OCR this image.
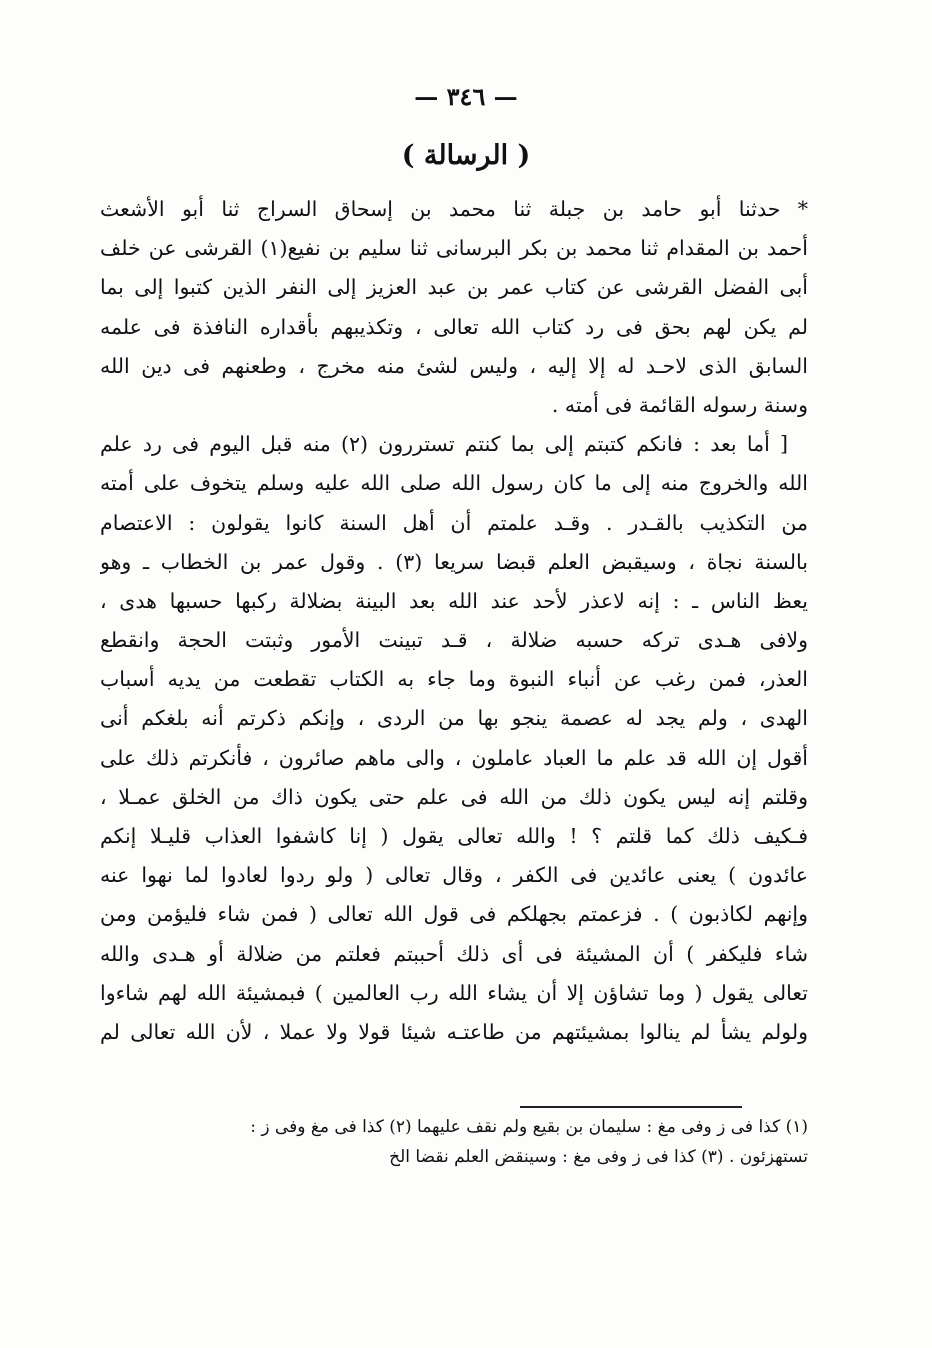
— ٣٤٦ —
( الرسالة )
* حدثنا أبو حامد بن جبلة ثنا محمد بن إسحاق السراج ثنا أبو الأشعث
أحمد بن المقدام ثنا محمد بن بكر البرسانى ثنا سليم بن نفيع(١) القرشى عن خلف
أبى الفضل القرشى عن كتاب عمر بن عبد العزيز إلى النفر الذين كتبوا إلى بما
لم يكن لهم بحق فى رد كتاب الله تعالى ، وتكذيبهم بأقداره النافذة فى علمه
السابق الذى لاحـد له إلا إليه ، وليس لشئ منه مخرج ، وطعنهم فى دين الله
وسنة رسوله القائمة فى أمته .
[ أما بعد : فانكم كتبتم إلى بما كنتم تستررون (٢) منه قبل اليوم فى رد علم
الله والخروج منه إلى ما كان رسول الله صلى الله عليه وسلم يتخوف على أمته
من التكذيب بالقـدر . وقـد علمتم أن أهل السنة كانوا يقولون : الاعتصام
بالسنة نجاة ، وسيقبض العلم قبضا سريعا (٣) . وقول عمر بن الخطاب ـ وهو
يعظ الناس ـ : إنه لاعذر لأحد عند الله بعد البينة بضلالة ركبها حسبها هدى ،
ولافى هـدى تركه حسبه ضلالة ، قـد تبينت الأمور وثبتت الحجة وانقطع
العذر، فمن رغب عن أنباء النبوة وما جاء به الكتاب تقطعت من يديه أسباب
الهدى ، ولم يجد له عصمة ينجو بها من الردى ، وإنكم ذكرتم أنه بلغكم أنى
أقول إن الله قد علم ما العباد عاملون ، والى ماهم صائرون ، فأنكرتم ذلك على
وقلتم إنه ليس يكون ذلك من الله فى علم حتى يكون ذاك من الخلق عمـلا ،
فـكيف ذلك كما قلتم ؟ ! والله تعالى يقول ( إنا كاشفوا العذاب قليـلا إنكم
عائدون ) يعنى عائدين فى الكفر ، وقال تعالى ( ولو ردوا لعادوا لما نهوا عنه
وإنهم لكاذبون ) . فزعمتم بجهلكم فى قول الله تعالى ( فمن شاء فليؤمن ومن
شاء فليكفر ) أن المشيئة فى أى ذلك أحببتم فعلتم من ضلالة أو هـدى والله
تعالى يقول ( وما تشاؤن إلا أن يشاء الله رب العالمين ) فبمشيئة الله لهم شاءوا
ولولم يشأ لم ينالوا بمشيئتهم من طاعتـه شيئا قولا ولا عملا ، لأن الله تعالى لم
(١) كذا فى ز وفى مغ : سليمان بن بقيع ولم نقف عليهما (٢) كذا فى مغ وفى ز :
تستهزئون . (٣) كذا فى ز وفى مغ : وسينقض العلم نقضا الخ
